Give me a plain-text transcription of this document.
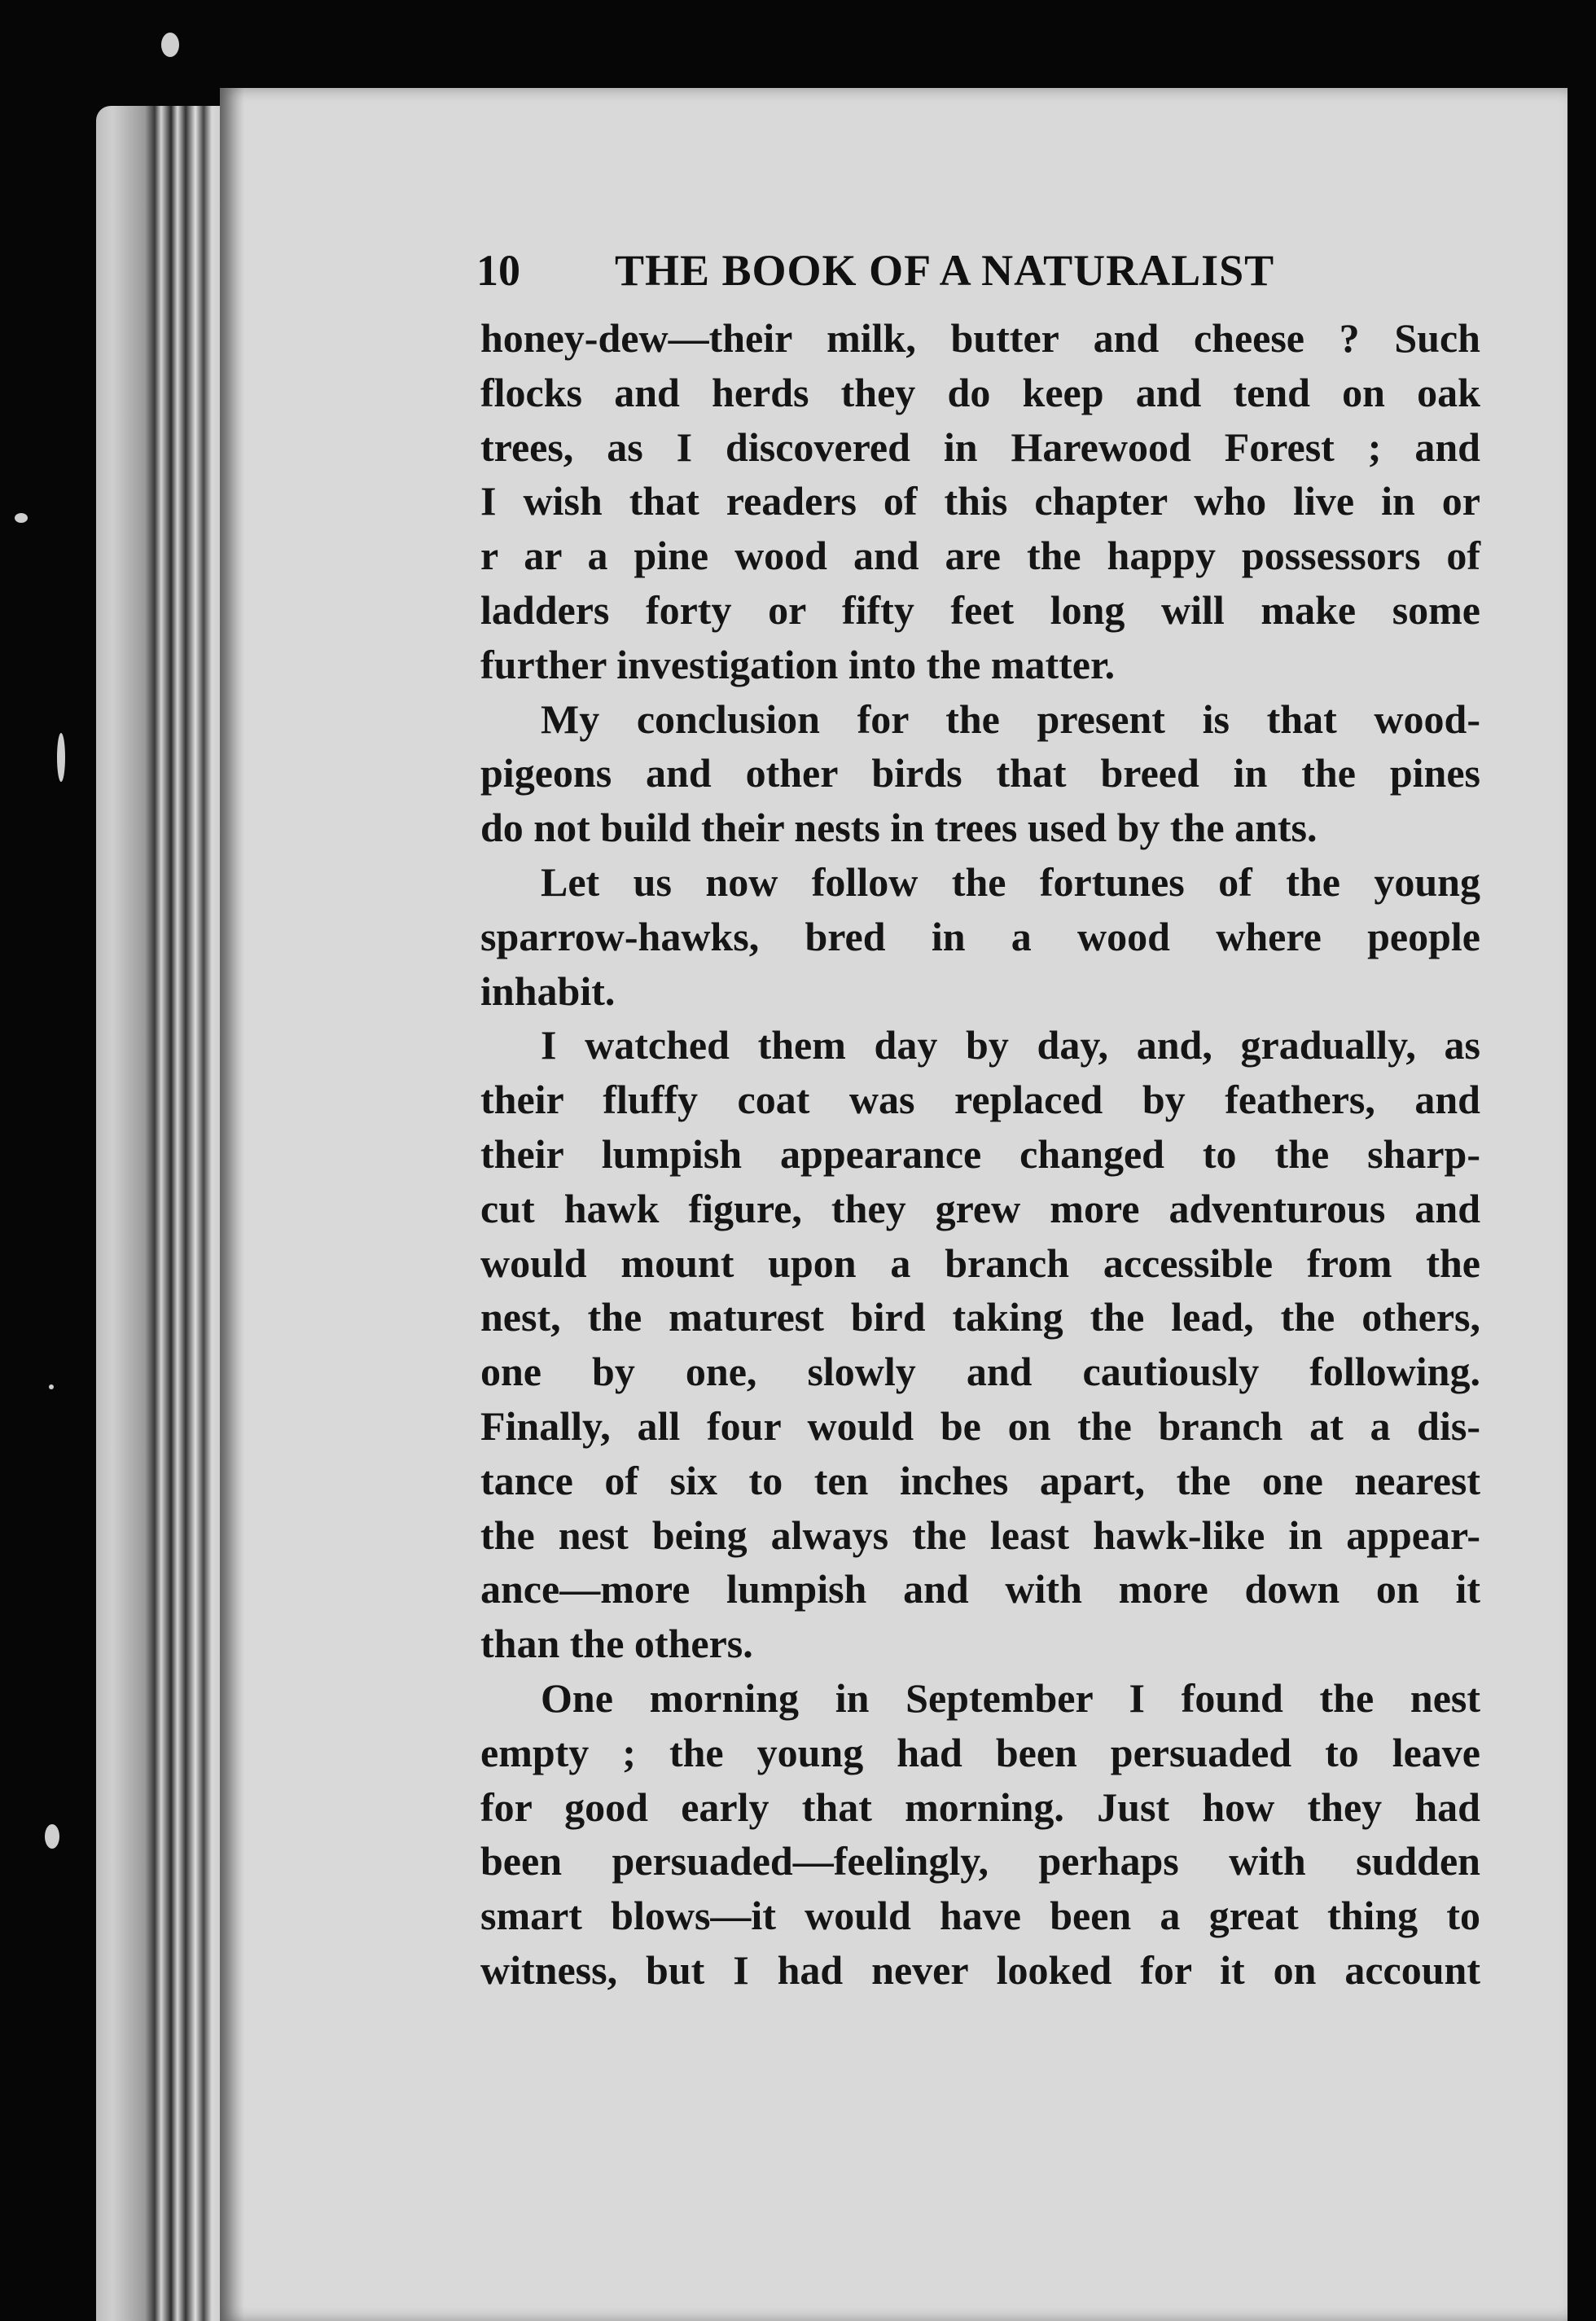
10	THE BOOK OF A NATURALIST

honey-dew—their milk, butter and cheese ? Such
flocks and herds they do keep and tend on oak
trees, as I discovered in Harewood Forest ; and
I wish that readers of this chapter who live in or
r ar a pine wood and are the happy possessors of
ladders forty or fifty feet long will make some
further investigation into the matter.

My conclusion for the present is that wood-
pigeons and other birds that breed in the pines
do not build their nests in trees used by the ants.

Let us now follow the fortunes of the young
sparrow-hawks, bred in a wood where people
inhabit.

I watched them day by day, and, gradually, as
their fluffy coat was replaced by feathers, and
their lumpish appearance changed to the sharp-
cut hawk figure, they grew more adventurous and
would mount upon a branch accessible from the
nest, the maturest bird taking the lead, the others,
one by one, slowly and cautiously following.
Finally, all four would be on the branch at a dis-
tance of six to ten inches apart, the one nearest
the nest being always the least hawk-like in appear-
ance—more lumpish and with more down on it
than the others.

One morning in September I found the nest
empty ; the young had been persuaded to leave
for good early that morning. Just how they had
been persuaded—feelingly, perhaps with sudden
smart blows—it would have been a great thing to
witness, but I had never looked for it on account
